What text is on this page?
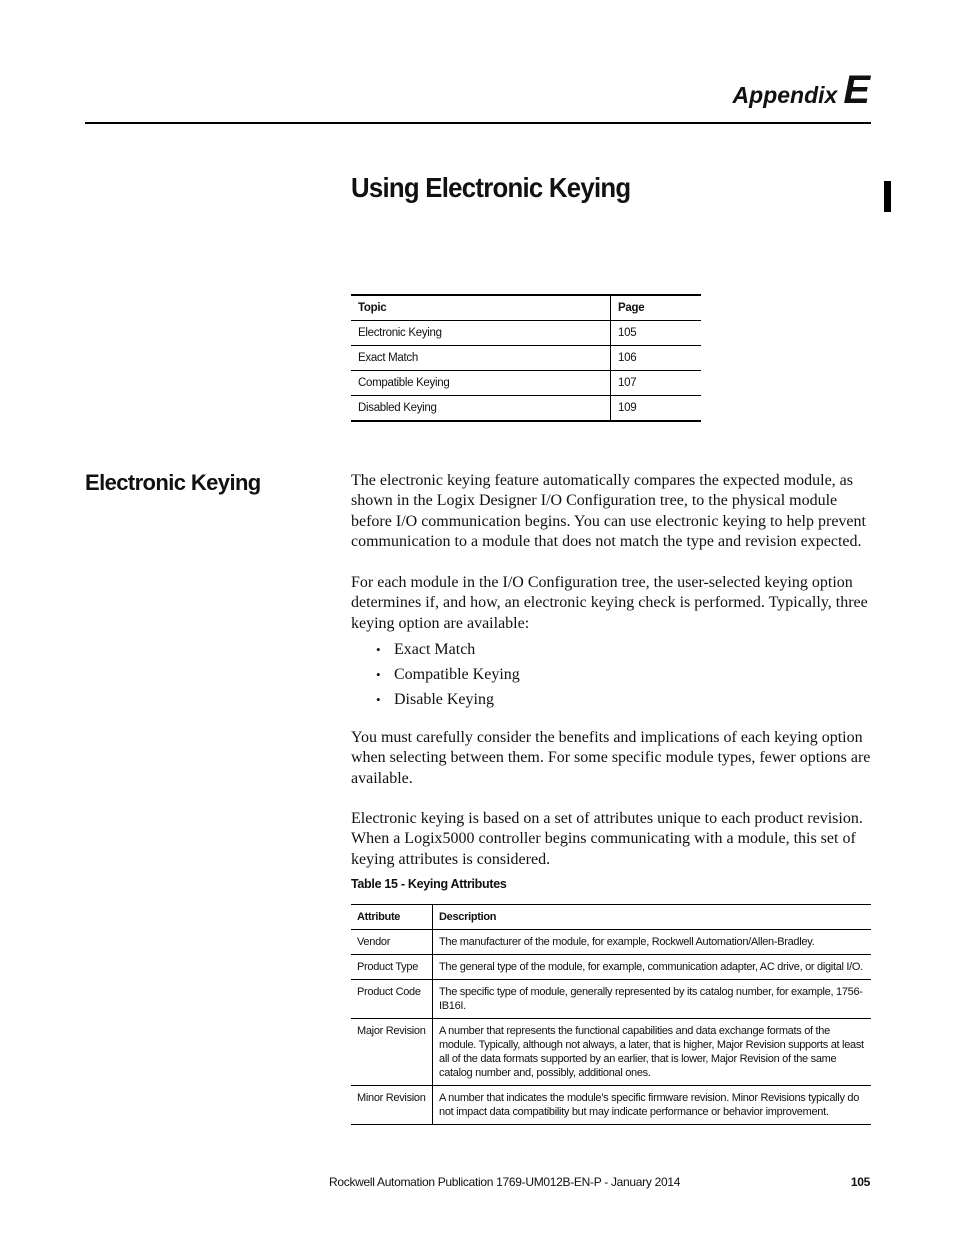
Appendix E
Using Electronic Keying
Topic	Page
Electronic Keying	105
Exact Match	106
Compatible Keying	107
Disabled Keying	109
Electronic Keying	The electronic keying feature automatically compares the expected module, as shown in the Logix Designer I/O Configuration tree, to the physical module before I/O communication begins. You can use electronic keying to help prevent communication to a module that does not match the type and revision expected.

For each module in the I/O Configuration tree, the user-selected keying option determines if, and how, an electronic keying check is performed. Typically, three keying option are available:

• Exact Match
• Compatible Keying
• Disable Keying

You must carefully consider the benefits and implications of each keying option when selecting between them. For some specific module types, fewer options are available.

Electronic keying is based on a set of attributes unique to each product revision. When a Logix5000 controller begins communicating with a module, this set of keying attributes is considered.

Table 15 - Keying Attributes
Attribute	Description
Vendor	The manufacturer of the module, for example, Rockwell Automation/Allen-Bradley.
Product Type	The general type of the module, for example, communication adapter, AC drive, or digital I/O.
Product Code	The specific type of module, generally represented by its catalog number, for example, 1756-IB16I.
Major Revision	A number that represents the functional capabilities and data exchange formats of the module. Typically, although not always, a later, that is higher, Major Revision supports at least all of the data formats supported by an earlier, that is lower, Major Revision of the same catalog number and, possibly, additional ones.
Minor Revision	A number that indicates the module’s specific firmware revision. Minor Revisions typically do not impact data compatibility but may indicate performance or behavior improvement.
Rockwell Automation Publication 1769-UM012B-EN-P - January 2014	105
